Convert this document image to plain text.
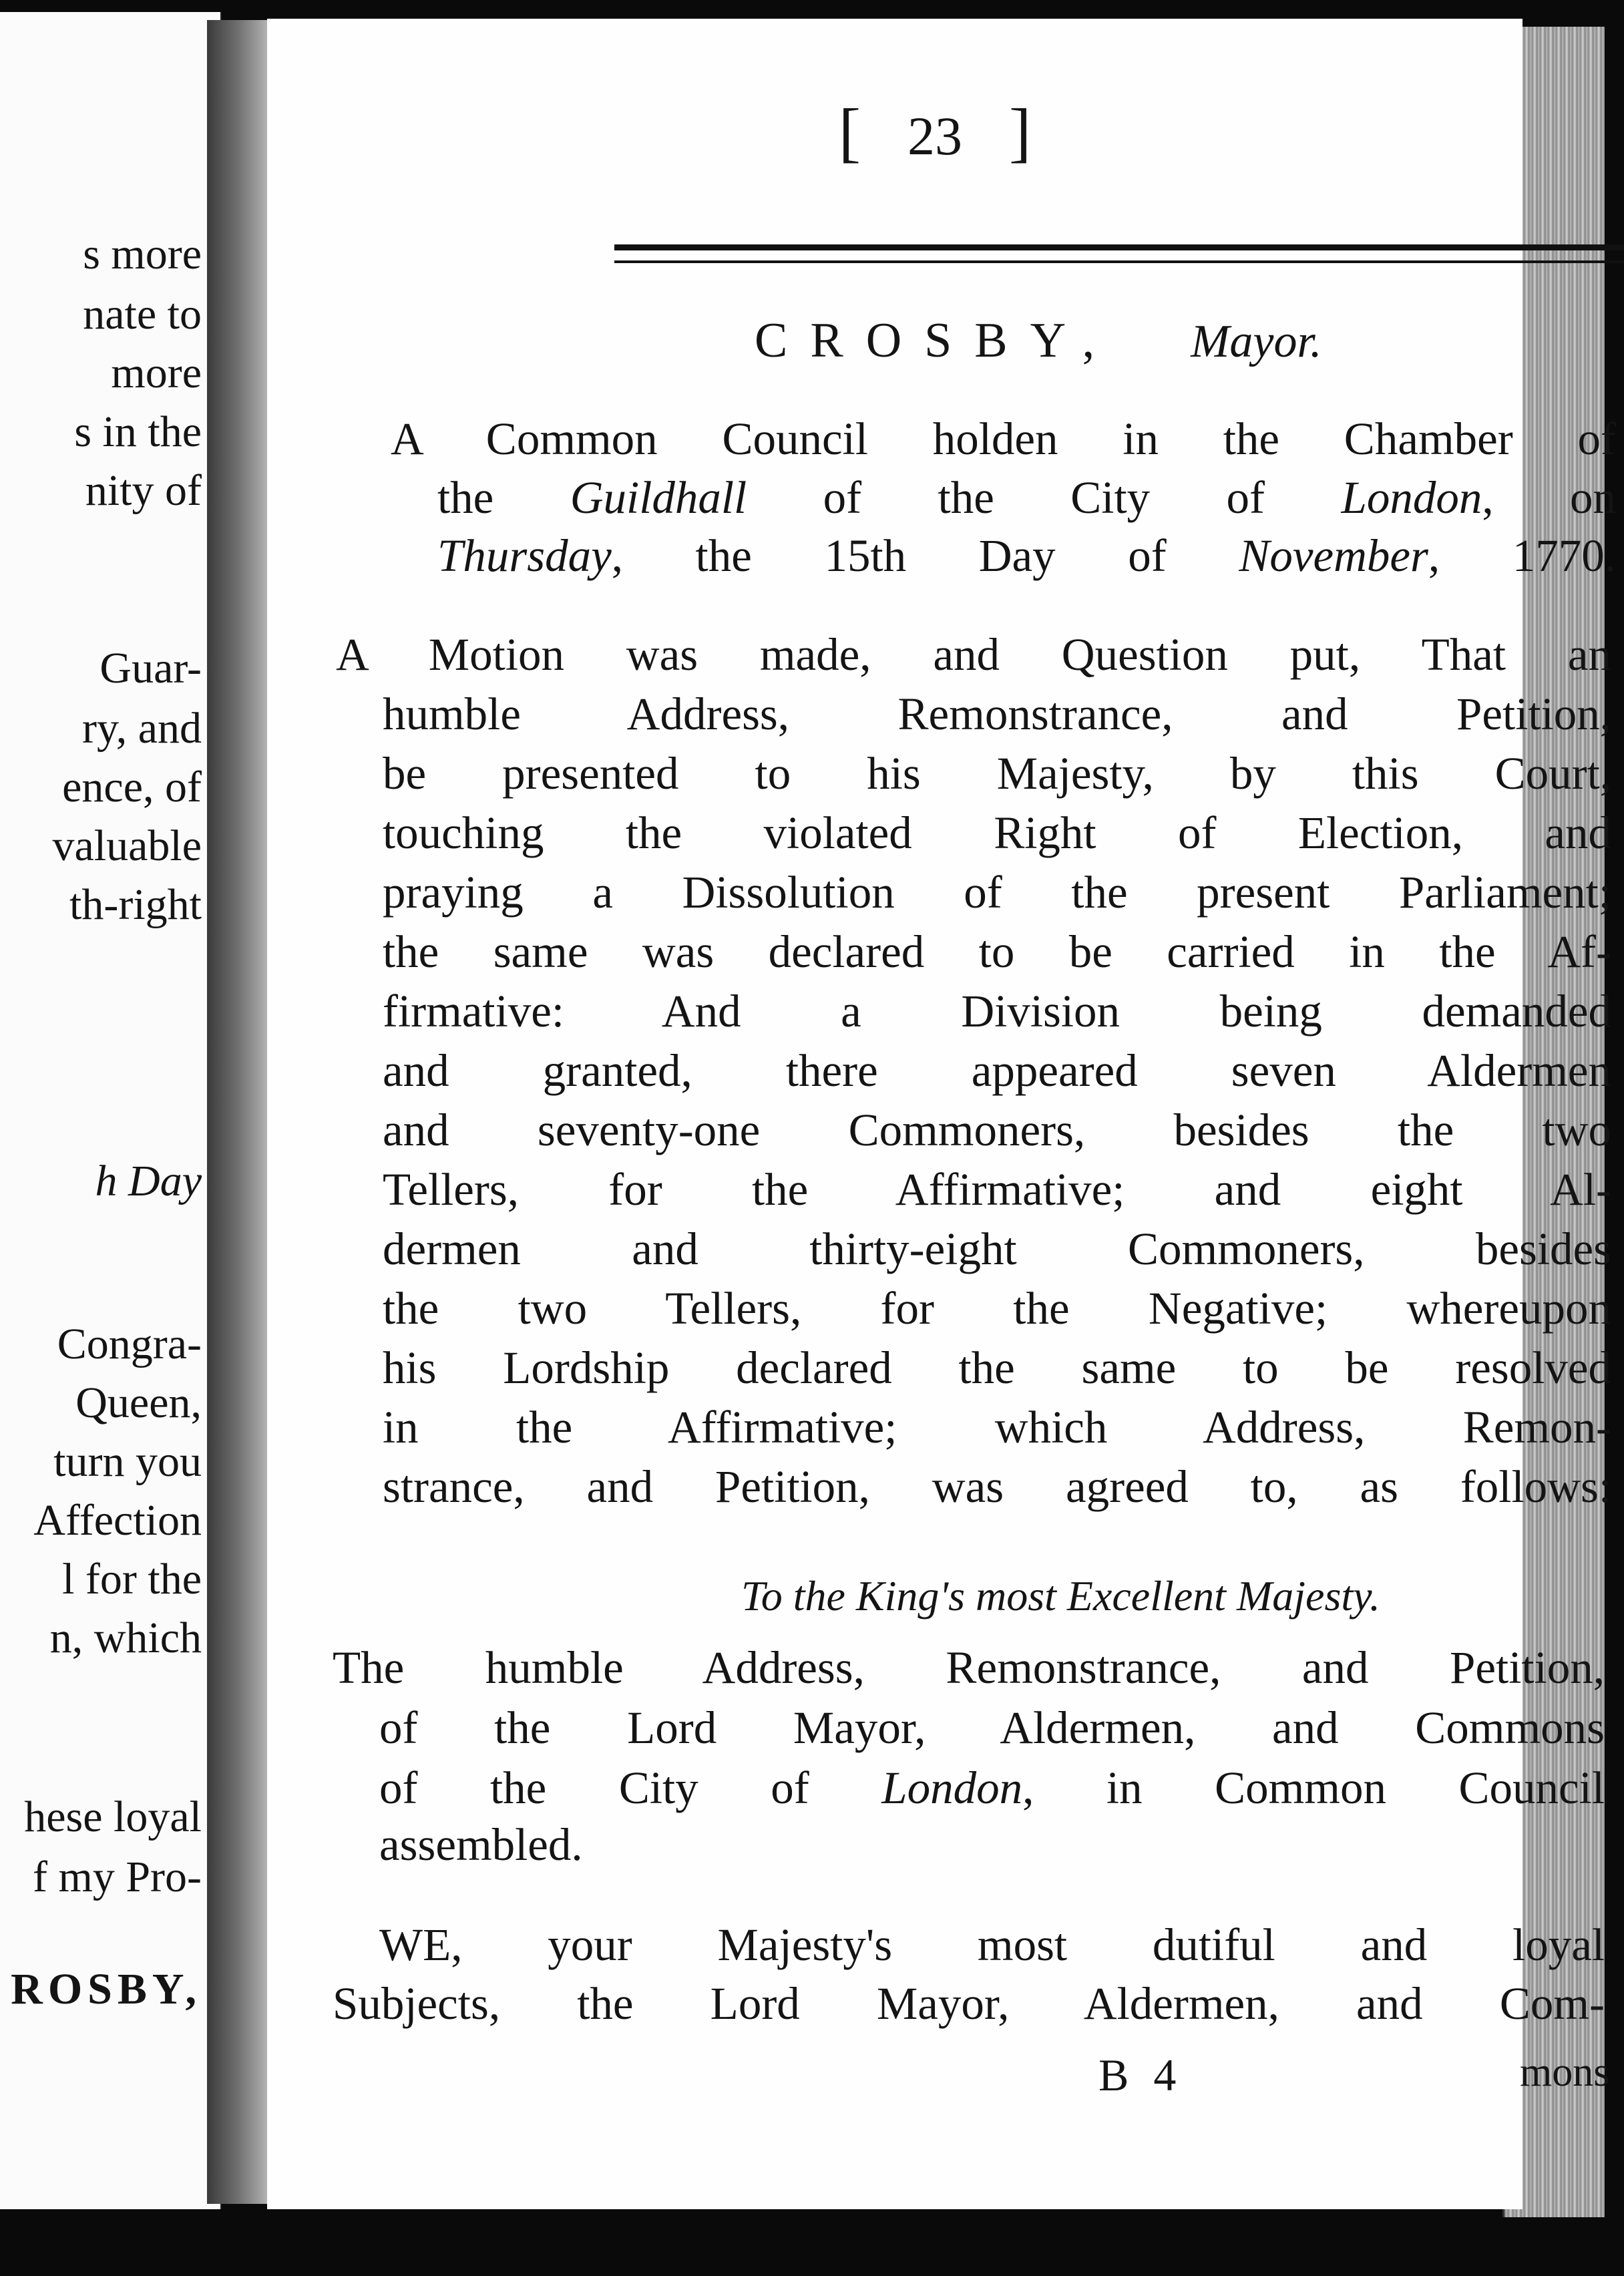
s more
nate to
more
s in the
nity of
Guar-
ry, and
ence, of
valuable
th-right
h Day
Congra-
Queen,
turn you
Affection
l for the
n, which
hese loyal
f my Pro-
ROSBY,
[ 23 ]
CROSBY, Mayor.
A Common Council holden in the Chamber of
the Guildhall of the City of London, on
Thursday, the 15th Day of November, 1770.
A Motion was made, and Question put, That an
humble Address, Remonstrance, and Petition,
be presented to his Majesty, by this Court,
touching the violated Right of Election, and
praying a Dissolution of the present Parliament;
the same was declared to be carried in the Af-
firmative: And a Division being demanded
and granted, there appeared seven Aldermen
and seventy-one Commoners, besides the two
Tellers, for the Affirmative; and eight Al-
dermen and thirty-eight Commoners, besides
the two Tellers, for the Negative; whereupon
his Lordship declared the same to be resolved
in the Affirmative; which Address, Remon-
strance, and Petition, was agreed to, as follows:
To the King's most Excellent Majesty.
The humble Address, Remonstrance, and Petition,
of the Lord Mayor, Aldermen, and Commons
of the City of London, in Common Council
assembled.
WE, your Majesty's most dutiful and loyal
Subjects, the Lord Mayor, Aldermen, and Com-
B 4	mons
